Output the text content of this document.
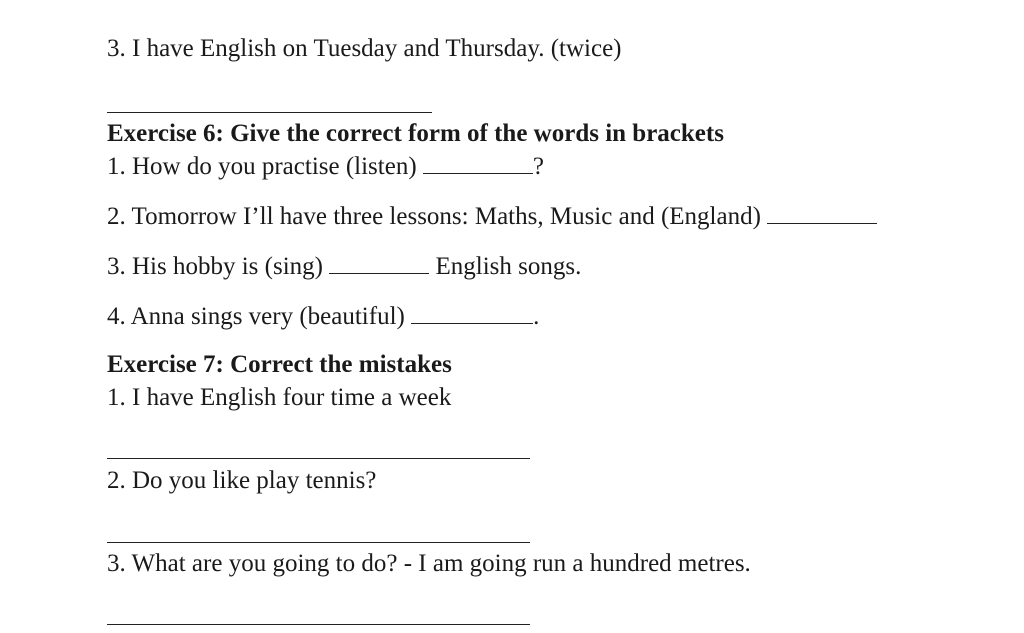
3. I have English on Tuesday and Thursday. (twice)
Exercise 6: Give the correct form of the words in brackets
1. How do you practise (listen)	?
2. Tomorrow I’ll have three lessons: Maths, Music and (England)
3. His hobby is (sing)	English songs.
4. Anna sings very (beautiful)	.
Exercise 7: Correct the mistakes
1. I have English four time a week
2. Do you like play tennis?
3. What are you going to do? - I am going run a hundred metres.
